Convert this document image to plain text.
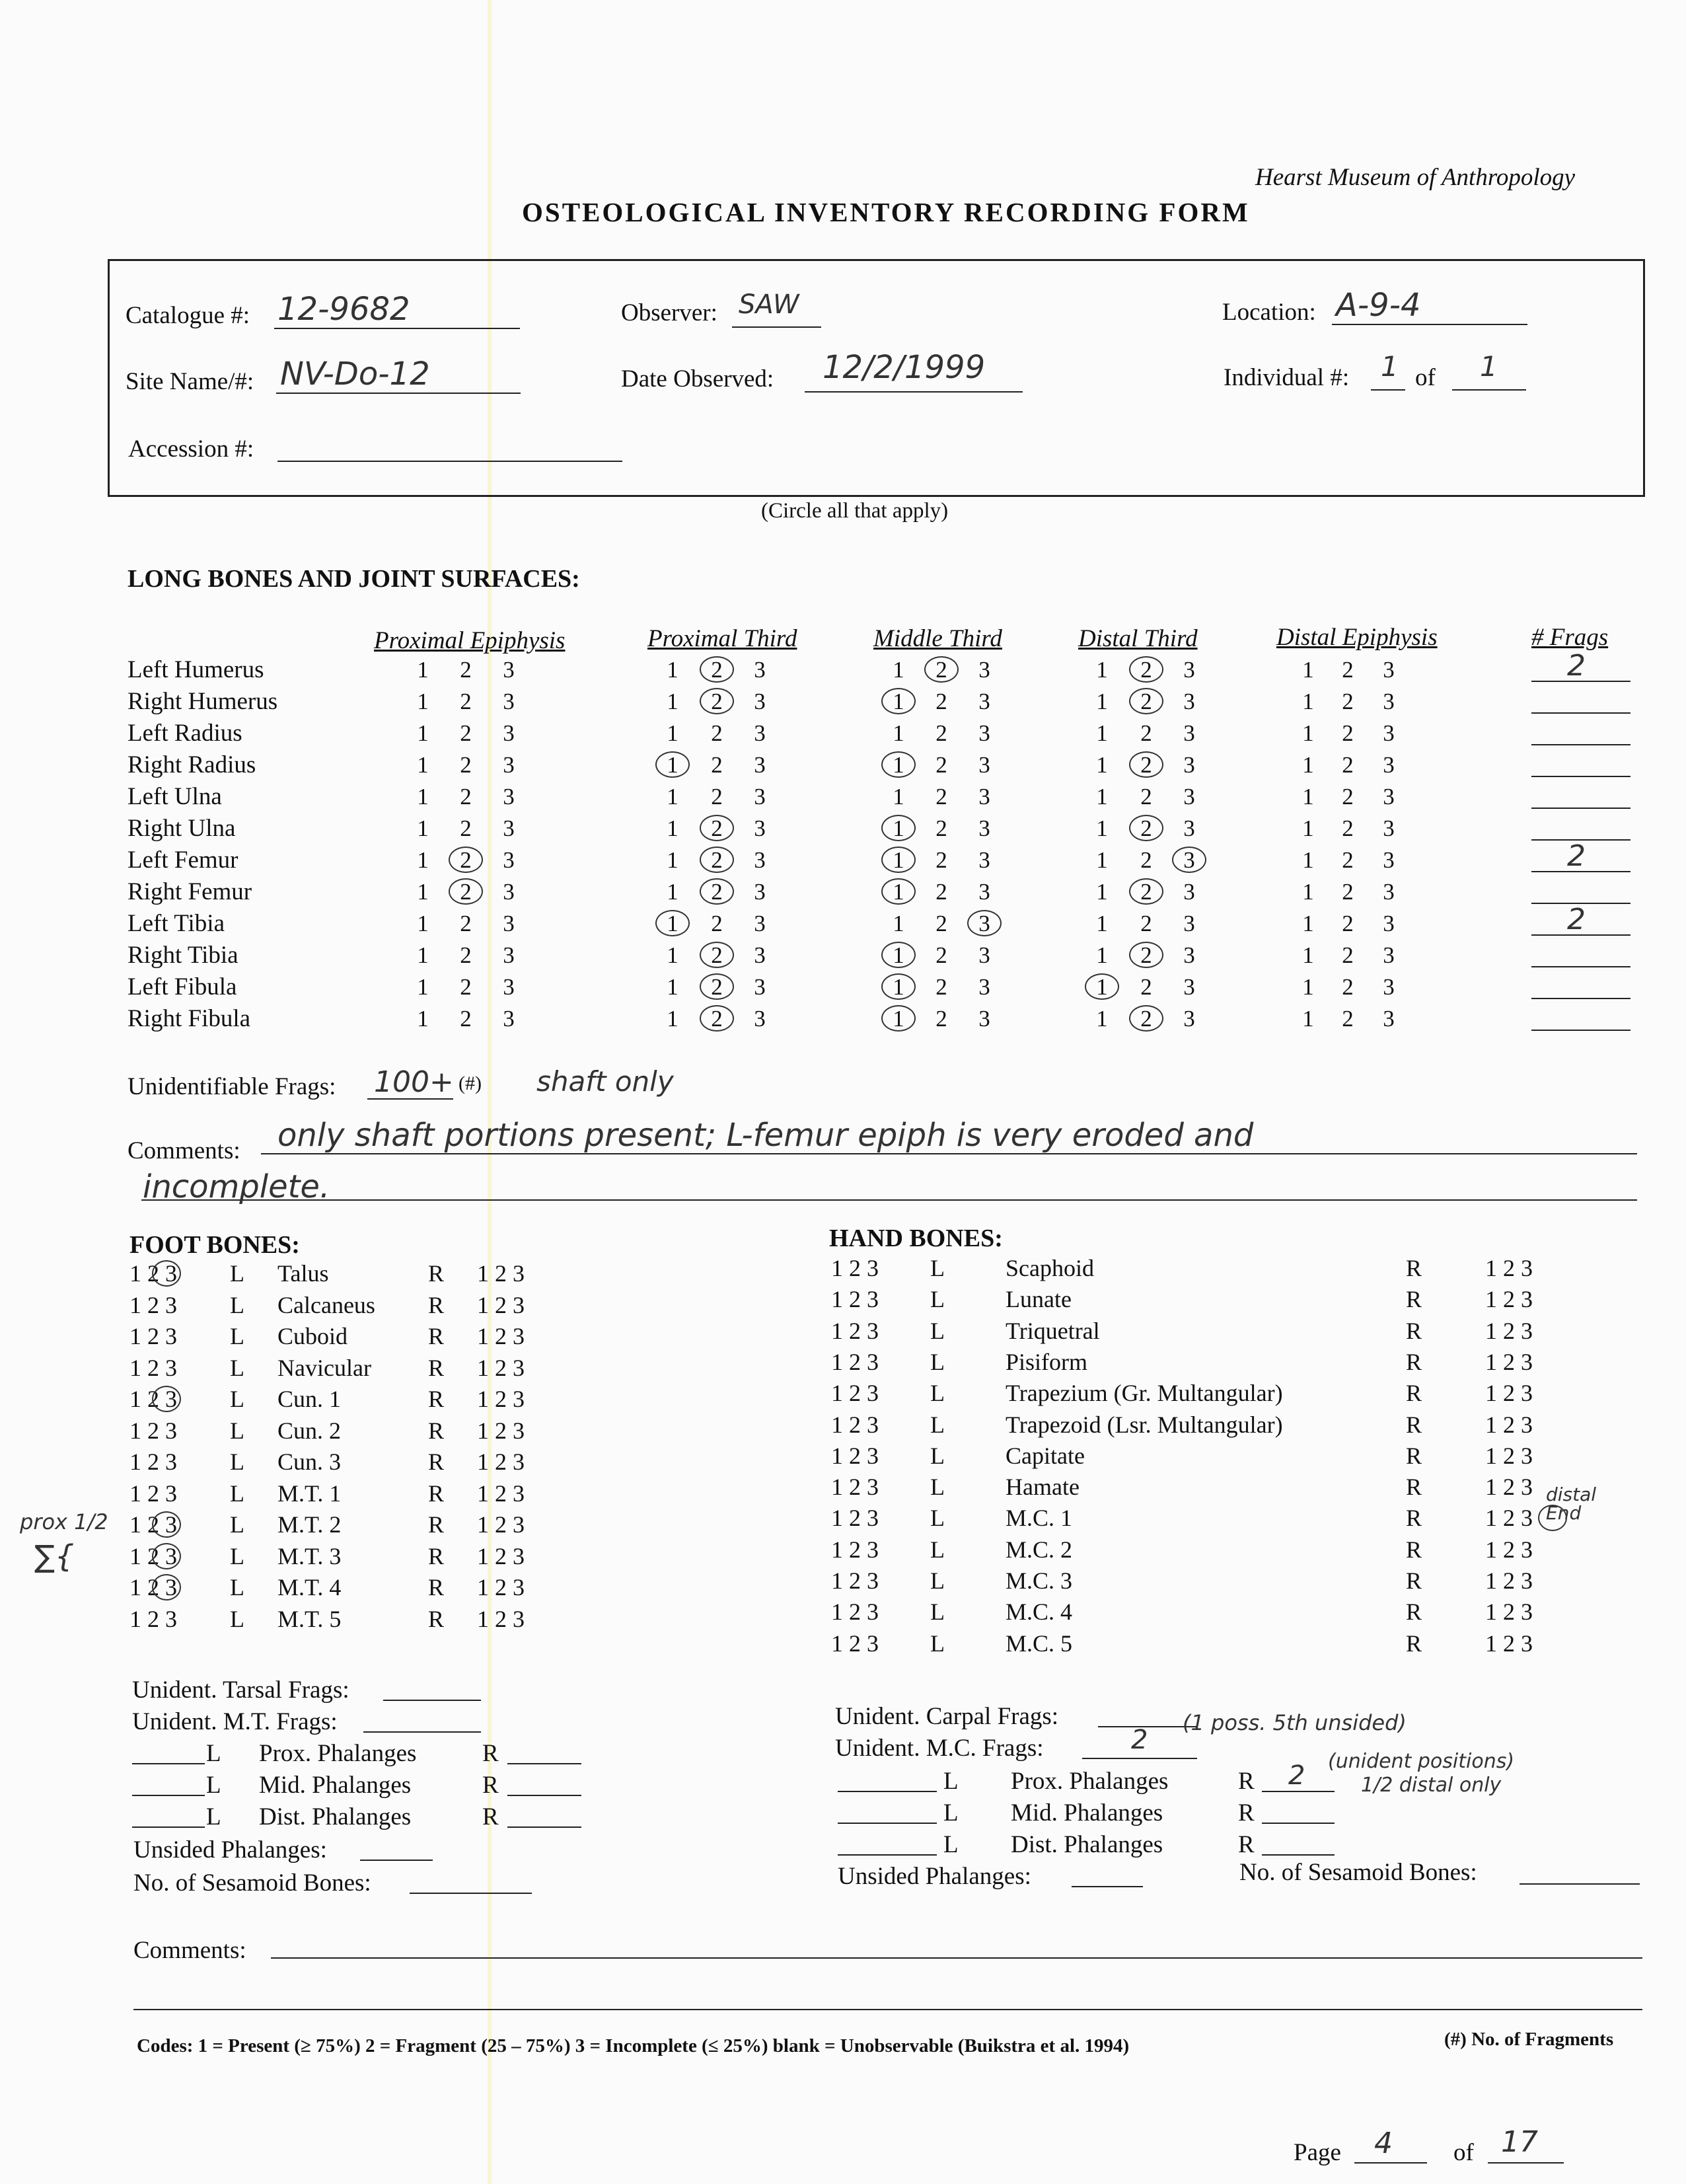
Hearst Museum of Anthropology
OSTEOLOGICAL INVENTORY RECORDING FORM
Catalogue #: 12-9682	Observer: SAW	Location: A-9-4
Site Name/#: NV-Do-12	Date Observed: 12/2/1999	Individual #: 1 of 1
Accession #:
(Circle all that apply)
LONG BONES AND JOINT SURFACES:
Proximal Epiphysis	Proximal Third	Middle Third	Distal Third	Distal Epiphysis	# Frags
Left Humerus	1 2 3	1 2 3	1 2 3	1 2 3	1 2 3	2
Right Humerus	1 2 3	1 2 3	1 2 3	1 2 3	1 2 3
Left Radius	1 2 3	1 2 3	1 2 3	1 2 3	1 2 3
Right Radius	1 2 3	1 2 3	1 2 3	1 2 3	1 2 3
Left Ulna	1 2 3	1 2 3	1 2 3	1 2 3	1 2 3
Right Ulna	1 2 3	1 2 3	1 2 3	1 2 3	1 2 3
Left Femur	1 2 3	1 2 3	1 2 3	1 2 3	1 2 3	2
Right Femur	1 2 3	1 2 3	1 2 3	1 2 3	1 2 3
Left Tibia	1 2 3	1 2 3	1 2 3	1 2 3	1 2 3	2
Right Tibia	1 2 3	1 2 3	1 2 3	1 2 3	1 2 3
Left Fibula	1 2 3	1 2 3	1 2 3	1 2 3	1 2 3
Right Fibula	1 2 3	1 2 3	1 2 3	1 2 3	1 2 3
Unidentifiable Frags: 100+ (#) shaft only
Comments: only shaft portions present; L-femur epiph is very eroded and
incomplete.
FOOT BONES:
1 2 3 L Talus	R 1 2 3
1 2 3 L Calcaneus R 1 2 3
1 2 3 L Cuboid	R 1 2 3
1 2 3 L Navicular R 1 2 3
1 2 3 L Cun. 1	R 1 2 3
1 2 3 L Cun. 2	R 1 2 3
1 2 3 L Cun. 3	R 1 2 3
1 2 3 L M.T. 1	R 1 2 3
1 2 3 L M.T. 2	R 1 2 3
1 2 3 L M.T. 3	R 1 2 3
1 2 3 L M.T. 4	R 1 2 3
1 2 3 L M.T. 5	R 1 2 3
prox 1/2
∑{
Unident. Tarsal Frags:
Unident. M.T. Frags:
L Prox. Phalanges	R
L Mid. Phalanges	R
L Dist. Phalanges	R
Unsided Phalanges:
No. of Sesamoid Bones:
HAND BONES:
1 2 3 L	Scaphoid	R	1 2 3
1 2 3 L	Lunate	R	1 2 3
1 2 3 L	Triquetral	R	1 2 3
1 2 3 L	Pisiform	R	1 2 3
1 2 3 L	Trapezium (Gr. Multangular)	R	1 2 3
1 2 3 L	Trapezoid (Lsr. Multangular)	R	1 2 3
1 2 3 L	Capitate	R	1 2 3
1 2 3 L	Hamate	R	1 2 3
1 2 3 L	M.C. 1	R	1 2 3
1 2 3 L	M.C. 2	R	1 2 3
1 2 3 L	M.C. 3	R	1 2 3
1 2 3 L	M.C. 4	R	1 2 3
1 2 3 L	M.C. 5	R	1 2 3
distal End
Unident. Carpal Frags:
Unident. M.C. Frags:	2
(1 poss. 5th unsided)
L Prox. Phalanges	R 2 (unident positions)
1/2 distal only
L Mid. Phalanges	R
L Dist. Phalanges	R
Unsided Phalanges:	No. of Sesamoid Bones:
Comments:
Codes: 1 = Present (≥ 75%) 2 = Fragment (25 – 75%) 3 = Incomplete (≤ 25%) blank = Unobservable (Buikstra et al. 1994)	(#) No. of Fragments
Page 4 of 17
